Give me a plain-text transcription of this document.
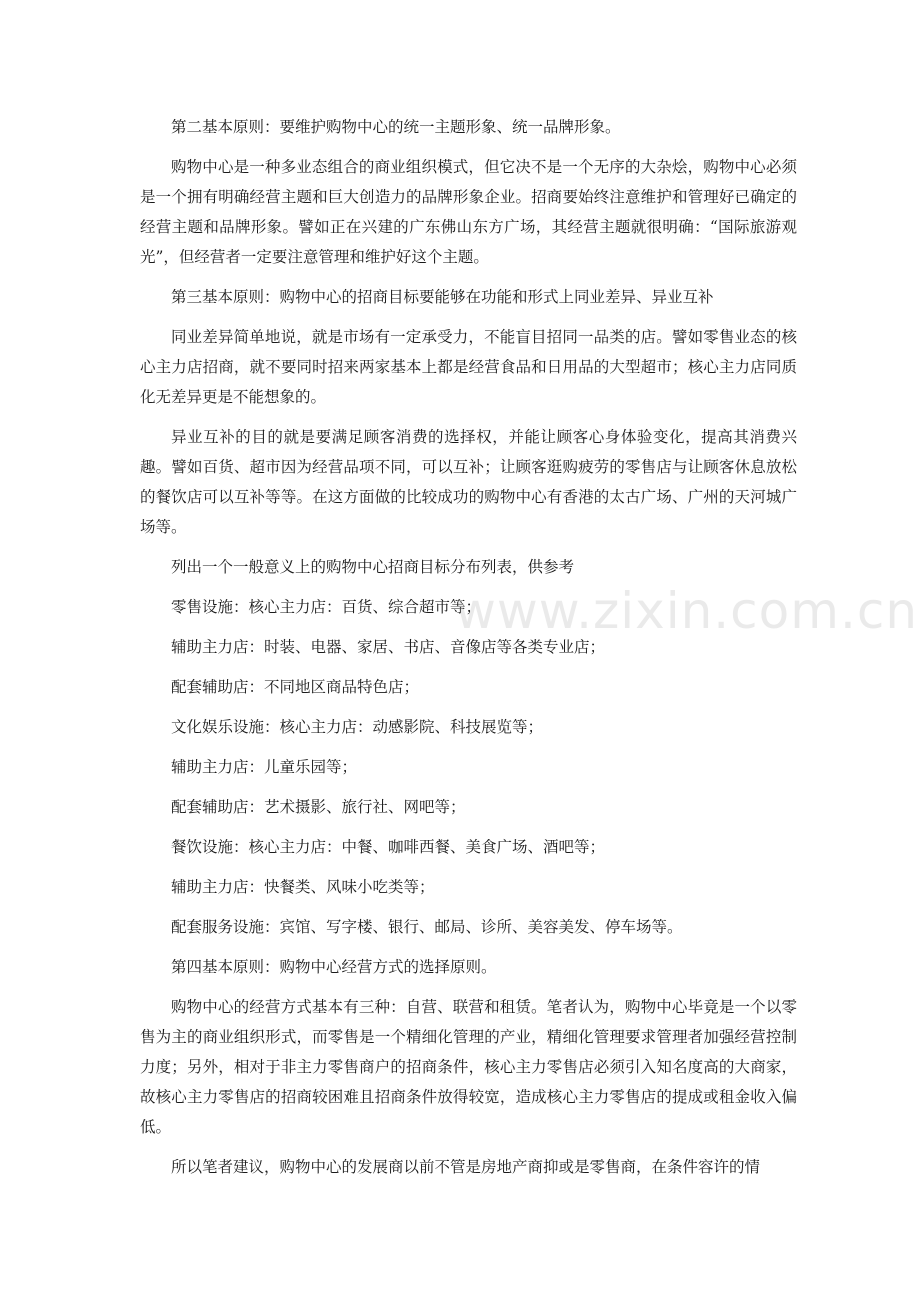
第二基本原则：要维护购物中心的统一主题形象、统一品牌形象。

购物中心是一种多业态组合的商业组织模式，但它决不是一个无序的大杂烩，购物中心必须是一个拥有明确经营主题和巨大创造力的品牌形象企业。招商要始终注意维护和管理好已确定的经营主题和品牌形象。譬如正在兴建的广东佛山东方广场，其经营主题就很明确：“国际旅游观光”，但经营者一定要注意管理和维护好这个主题。

第三基本原则：购物中心的招商目标要能够在功能和形式上同业差异、异业互补

同业差异简单地说，就是市场有一定承受力，不能盲目招同一品类的店。譬如零售业态的核心主力店招商，就不要同时招来两家基本上都是经营食品和日用品的大型超市；核心主力店同质化无差异更是不能想象的。

异业互补的目的就是要满足顾客消费的选择权，并能让顾客心身体验变化，提高其消费兴趣。譬如百货、超市因为经营品项不同，可以互补；让顾客逛购疲劳的零售店与让顾客休息放松的餐饮店可以互补等等。在这方面做的比较成功的购物中心有香港的太古广场、广州的天河城广场等。

列出一个一般意义上的购物中心招商目标分布列表，供参考

零售设施：核心主力店：百货、综合超市等；

辅助主力店：时装、电器、家居、书店、音像店等各类专业店；

配套辅助店：不同地区商品特色店；

文化娱乐设施：核心主力店：动感影院、科技展览等；

辅助主力店：儿童乐园等；

配套辅助店：艺术摄影、旅行社、网吧等；

餐饮设施：核心主力店：中餐、咖啡西餐、美食广场、酒吧等；

辅助主力店：快餐类、风味小吃类等；

配套服务设施：宾馆、写字楼、银行、邮局、诊所、美容美发、停车场等。

第四基本原则：购物中心经营方式的选择原则。

购物中心的经营方式基本有三种：自营、联营和租赁。笔者认为，购物中心毕竟是一个以零售为主的商业组织形式，而零售是一个精细化管理的产业，精细化管理要求管理者加强经营控制力度；另外，相对于非主力零售商户的招商条件，核心主力零售店必须引入知名度高的大商家，故核心主力零售店的招商较困难且招商条件放得较宽，造成核心主力零售店的提成或租金收入偏低。

所以笔者建议，购物中心的发展商以前不管是房地产商抑或是零售商，在条件容许的情

www.zixin.com.cn
